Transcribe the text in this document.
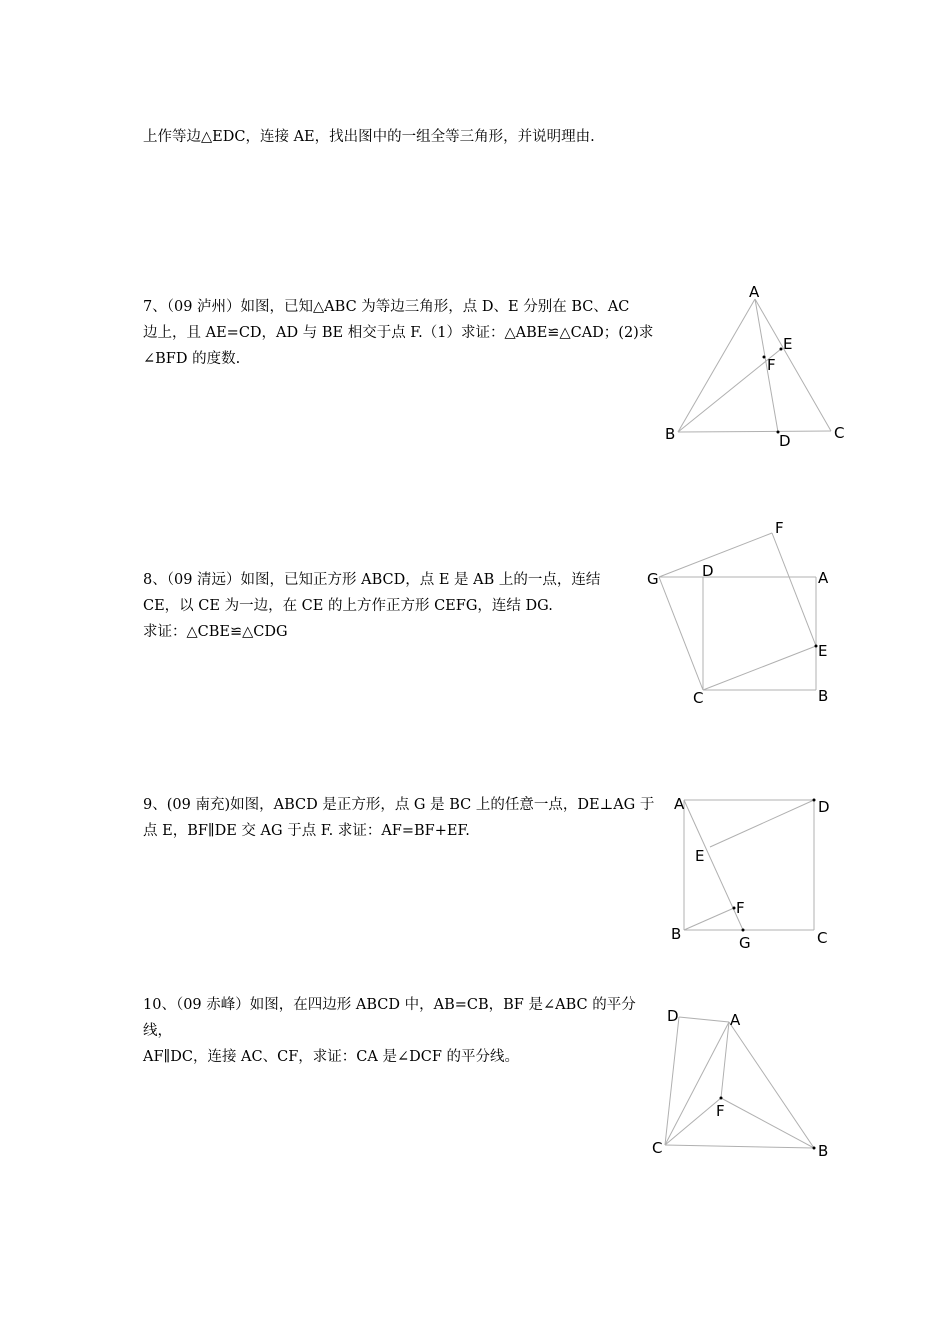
上作等边△EDC，连接 AE，找出图中的一组全等三角形，并说明理由.

7、（09 泸州）如图，已知△ABC 为等边三角形，点 D、E 分别在 BC、AC
边上，且 AE=CD，AD 与 BE 相交于点 F.（1）求证：△ABE≌△CAD；(2)求
∠BFD 的度数.
A
B	C
D
E
F
8、（09 清远）如图，已知正方形 ABCD，点 E 是 AB 上的一点，连结
CE，以 CE 为一边，在 CE 的上方作正方形 CEFG，连结 DG.
求证：△CBE≌△CDG
F
G	D	A
E
C	B
9、(09 南充)如图，ABCD 是正方形，点 G 是 BC 上的任意一点，DE⊥AG 于
点 E，BF∥DE 交 AG 于点 F. 求证：AF=BF+EF.
A	D
E
F
B	G	C
10、（09 赤峰）如图，在四边形 ABCD 中，AB=CB，BF 是∠ABC 的平分线，
AF∥DC，连接 AC、CF，求证：CA 是∠DCF 的平分线。
D	A
F
C	B
